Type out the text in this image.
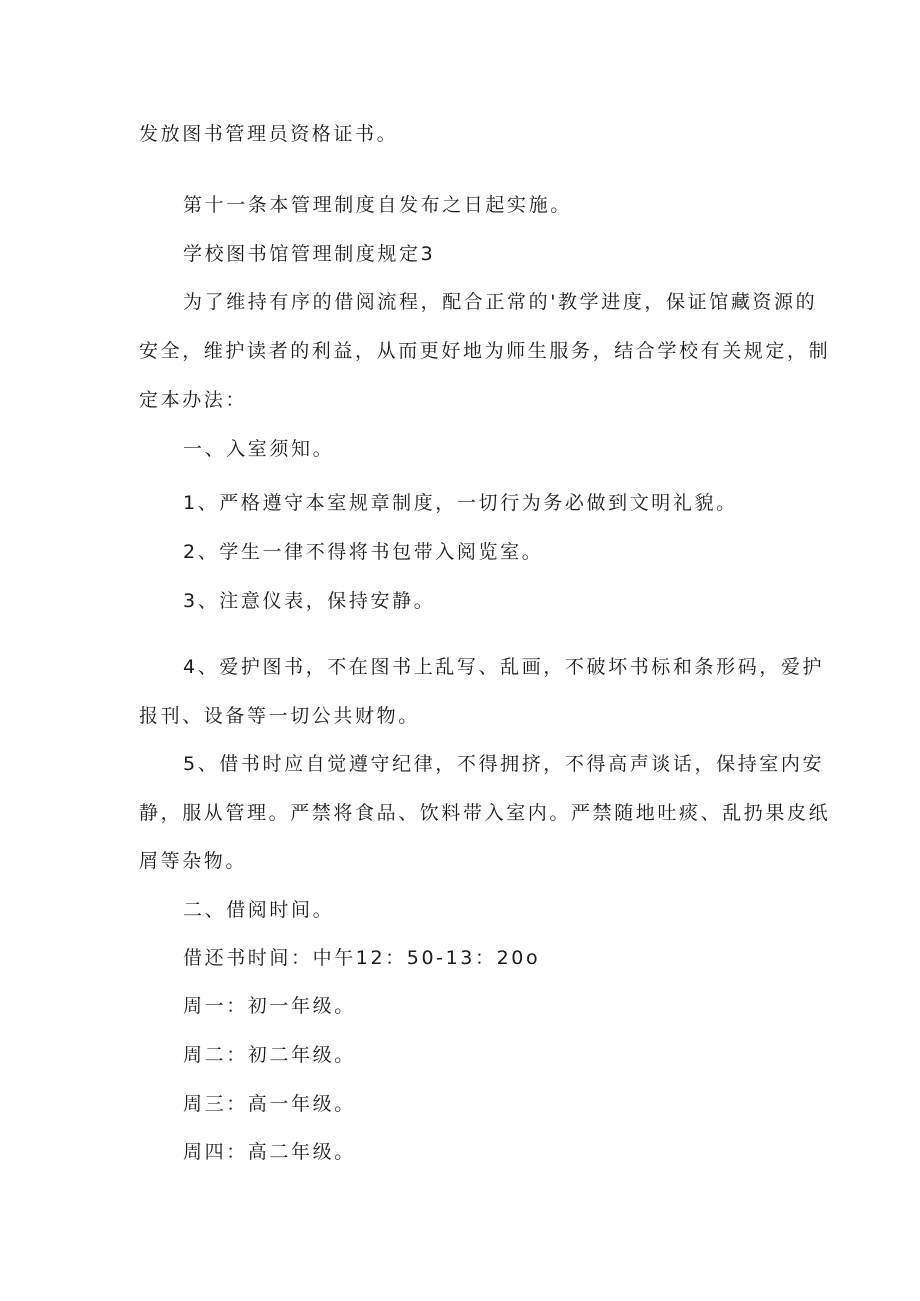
发放图书管理员资格证书。
第十一条本管理制度自发布之日起实施。
学校图书馆管理制度规定3
为了维持有序的借阅流程，配合正常的'教学进度，保证馆藏资源的
安全，维护读者的利益，从而更好地为师生服务，结合学校有关规定，制
定本办法：
一、入室须知。
1、严格遵守本室规章制度，一切行为务必做到文明礼貌。
2、学生一律不得将书包带入阅览室。
3、注意仪表，保持安静。
4、爱护图书，不在图书上乱写、乱画，不破坏书标和条形码，爱护
报刊、设备等一切公共财物。
5、借书时应自觉遵守纪律，不得拥挤，不得高声谈话，保持室内安
静，服从管理。严禁将食品、饮料带入室内。严禁随地吐痰、乱扔果皮纸
屑等杂物。
二、借阅时间。
借还书时间：中午12：50-13：20o
周一：初一年级。
周二：初二年级。
周三：高一年级。
周四：高二年级。
